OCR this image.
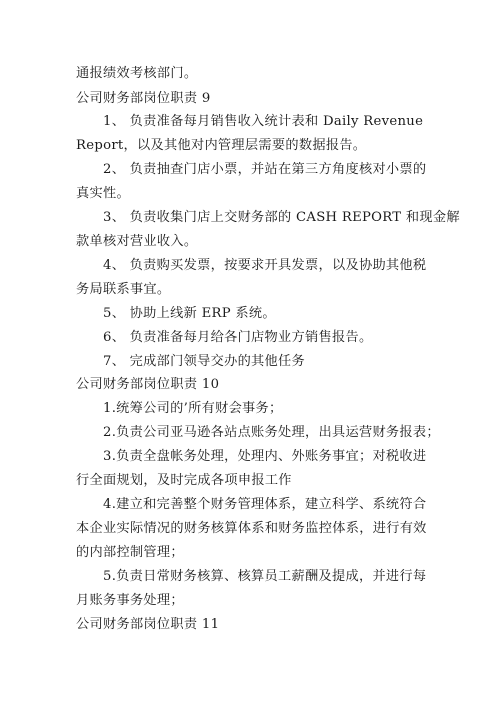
通报绩效考核部门。
公司财务部岗位职责 9
1、 负责准备每月销售收入统计表和 Daily Revenue
Report，以及其他对内管理层需要的数据报告。
2、 负责抽查门店小票，并站在第三方角度核对小票的
真实性。
3、 负责收集门店上交财务部的 CASH REPORT 和现金解
款单核对营业收入。
4、 负责购买发票，按要求开具发票，以及协助其他税
务局联系事宜。
5、 协助上线新 ERP 系统。
6、 负责准备每月给各门店物业方销售报告。
7、 完成部门领导交办的其他任务
公司财务部岗位职责 10
1.统筹公司的’所有财会事务；
2.负责公司亚马逊各站点账务处理，出具运营财务报表；
3.负责全盘帐务处理，处理内、外账务事宜；对税收进
行全面规划，及时完成各项申报工作
4.建立和完善整个财务管理体系，建立科学、系统符合
本企业实际情况的财务核算体系和财务监控体系，进行有效
的内部控制管理；
5.负责日常财务核算、核算员工薪酬及提成，并进行每
月账务事务处理；
公司财务部岗位职责 11
